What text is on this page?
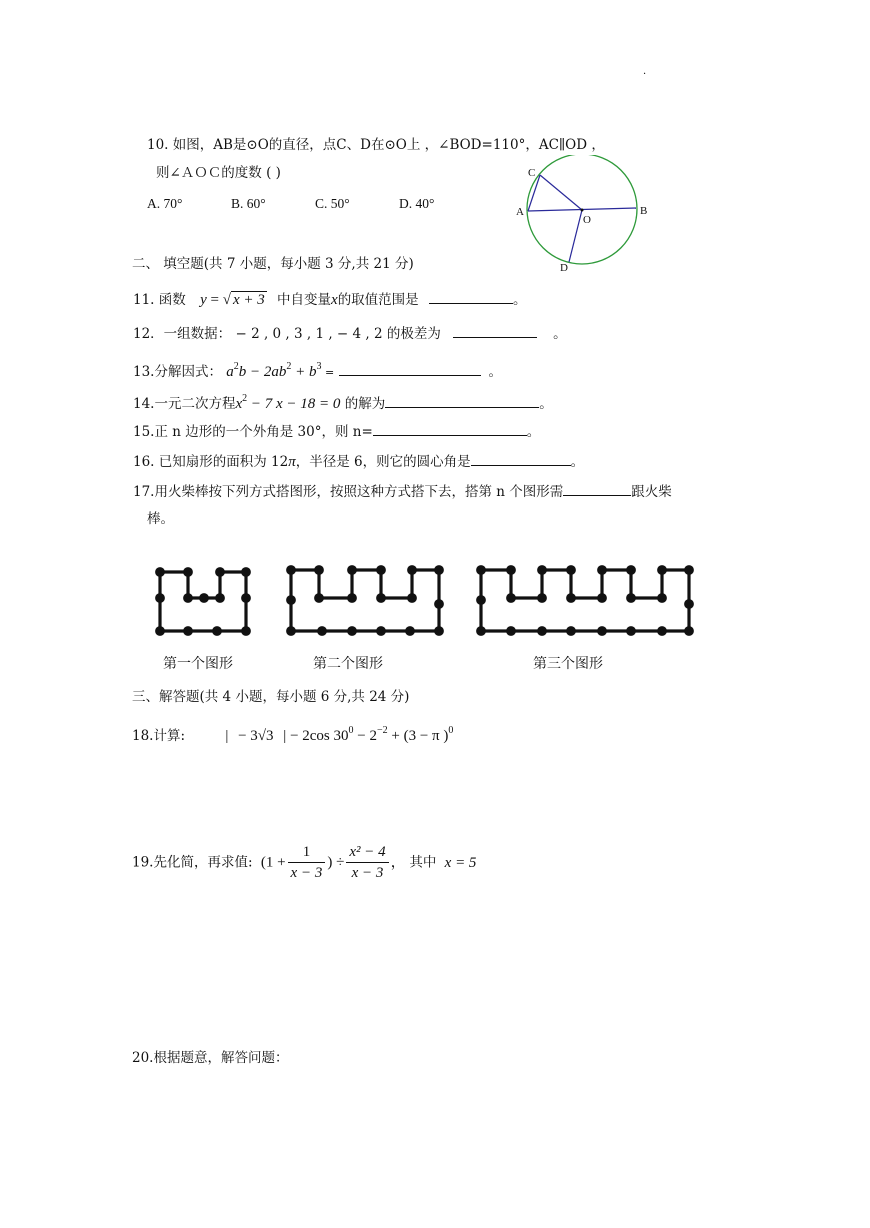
·
10. 如图，AB是⊙O的直径，点C、D在⊙O上 ，∠BOD=110°，AC∥OD ，
则∠ＡＯＣ的度数 ( )
A. 70°	B. 60°	C. 50°	D. 40°
C
A
O
B
D
二、 填空题(共 7 小题，每小题 3 分,共 21 分)
11. 函数 y = √ x + 3 中自变量x的取值范围是	。
12．一组数据： − 2 , 0 , 3 , 1 , − 4 , 2 的极差为	。
13.分解因式： $a^2b - 2ab^2 + b^3$ =	。
14.一元二次方程$x^2 - 7$ x − 18 = 0 的解为	。
15.正 n 边形的一个外角是 30°，则 n=	。
16. 已知扇形的面积为 12π，半径是 6，则它的圆心角是	。
17.用火柴棒按下列方式搭图形，按照这种方式搭下去，搭第 n 个图形需	跟火柴
棒。
第一个图形	第二个图形	第三个图形
三、解答题(共 4 小题，每小题 6 分,共 24 分)
18.计算:	| − 3√3 | − 2cos $30^0 - 2^{-2} + (3 - \pi$ )$^0$
19.先化简，再求值: ($1 + \frac{1}{x - 3}$ ) ÷ $\frac{\text{x² − 4}}{x - 3}$ ， 其中 x = 5
20.根据题意，解答问题：
